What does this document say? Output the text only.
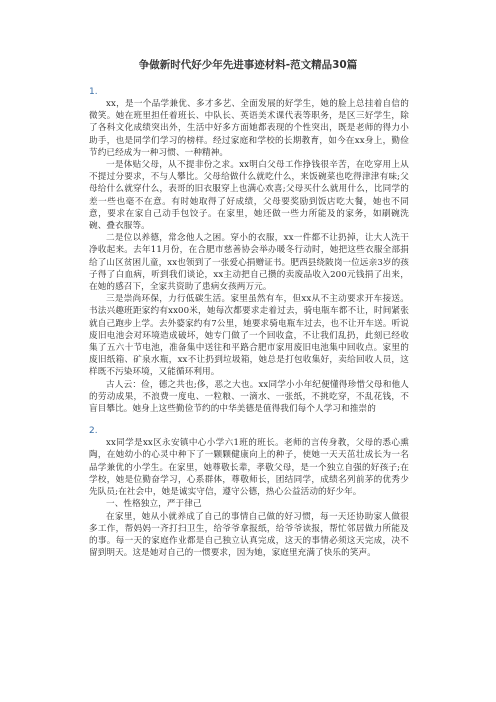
争做新时代好少年先进事迹材料-范文精品30篇

1.

xx，是一个品学兼优、多才多艺、全面发展的好学生，她的脸上总挂着自信的微笑。她在班里担任着班长、中队长、英语美术课代表等职务，是区三好学生，除了各科文化成绩突出外，生活中好多方面她都表现的个性突出，既是老师的得力小助手，也是同学们学习的榜样。经过家庭和学校的长期教育，如今在xx身上，勤俭节约已经成为一种习惯、一种精神。

一是体贴父母，从不提非份之求。xx明白父母工作挣钱很辛苦，在吃穿用上从不提过分要求，不与人攀比。父母给做什么就吃什么，来饭碗菜也吃得津津有味;父母给什么就穿什么，表哥的旧衣服穿上也满心欢喜;父母买什么就用什么，比同学的差一些也毫不在意。有时她取得了好成绩，父母要奖励到饭店吃大餐，她也不同意，要求在家自己动手包饺子。在家里，她还做一些力所能及的家务，如刷碗洗碗、叠衣服等。

二是位以养德，常念他人之困。穿小的衣服，xx一件都不让扔掉，让大人洗干净收起来。去年11月份，在合肥市慈善协会举办暖冬行动时，她把这些衣服全部捐给了山区贫困儿童，xx也领到了一张爱心捐赠证书。肥西县绕陂岗一位远亲3岁的孩子得了白血病，听到我们谈论，xx主动把自己攒的卖废品收入200元钱捐了出来，在她的感召下，全家共资助了患病女孩两万元。

三是崇尚环保，力行低碳生活。家里虽然有车，但xx从不主动要求开车接送。书法兴趣班距家约有xx00米，她每次都要求走着过去，骑电瓶车都不让，时间紧张就自己跑步上学。去外婆家约有7公里，她要求骑电瓶车过去，也不让开车送。听说废旧电池会对环境造成破坏，她专门做了一个回收盒，不让我们乱扔，此刻已经收集了五六十节电池，准备集中送往和平路合肥市家用废旧电池集中回收点。家里的废旧纸箱、矿泉水瓶，xx不让扔到垃圾箱，她总是打包收集好，卖给回收人员，这样既不污染环境，又能循环利用。

古人云：俭，德之共也;侈，恶之大也。xx同学小小年纪便懂得珍惜父母和他人的劳动成果，不浪费一度电、一粒粮、一滴水、一张纸，不挑吃穿，不乱花钱，不盲目攀比。她身上这些勤俭节约的中华美德是值得我们每个人学习和推崇的

2.

xx同学是xx区永安镇中心小学六1班的班长。老师的言传身教，父母的悉心熏陶，在她幼小的心灵中种下了一颗颗健康向上的种子，使她一天天茁壮成长为一名品学兼优的小学生。在家里，她尊敬长辈，孝敬父母，是一个独立自强的好孩子;在学校，她是位勤奋学习，心系群体，尊敬师长，团结同学，成绩名列前茅的优秀少先队员;在社会中，她是诚实守信，遵守公德，热心公益活动的好少年。

一、性格独立，严于律己

在家里，她从小就养成了自己的事情自己做的好习惯，每一天还协助家人做很多工作，帮妈妈一齐打扫卫生，给爷爷拿报纸，给爷爷读报，帮忙邻居做力所能及的事。每一天的家庭作业都是自己独立认真完成，这天的事情必须这天完成，决不留到明天。这是她对自己的一惯要求，因为她，家庭里充满了快乐的笑声。
